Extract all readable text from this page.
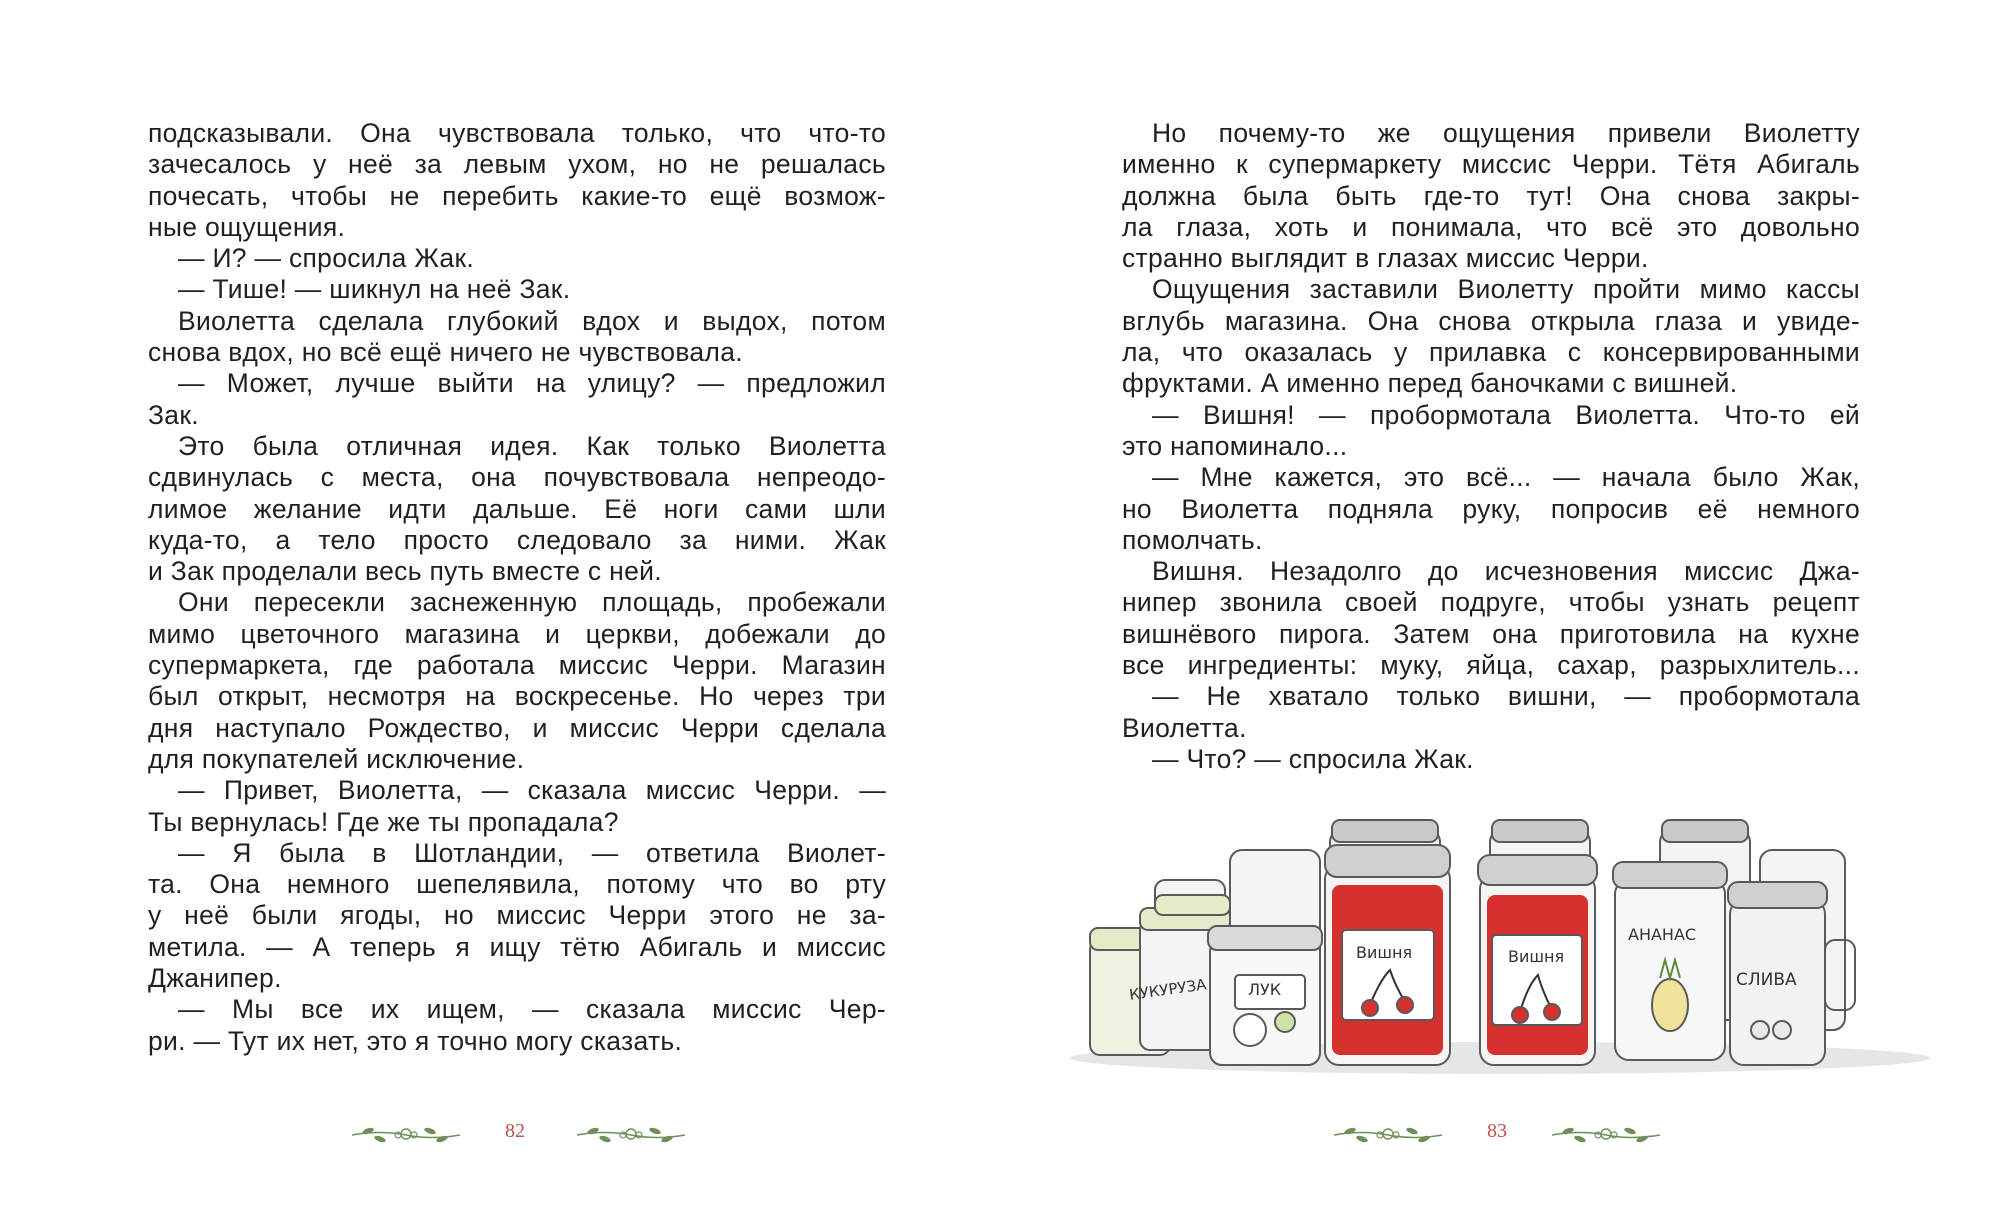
подсказывали. Она чувствовала только, что что-то
зачесалось у неё за левым ухом, но не решалась
почесать, чтобы не перебить какие-то ещё возмож-
ные ощущения.
— И? — спросила Жак.
— Тише! — шикнул на неё Зак.
Виолетта сделала глубокий вдох и выдох, потом
снова вдох, но всё ещё ничего не чувствовала.
— Может, лучше выйти на улицу? — предложил
Зак.
Это была отличная идея. Как только Виолетта
сдвинулась с места, она почувствовала непреодо-
лимое желание идти дальше. Её ноги сами шли
куда-то, а тело просто следовало за ними. Жак
и Зак проделали весь путь вместе с ней.
Они пересекли заснеженную площадь, пробежали
мимо цветочного магазина и церкви, добежали до
супермаркета, где работала миссис Черри. Магазин
был открыт, несмотря на воскресенье. Но через три
дня наступало Рождество, и миссис Черри сделала
для покупателей исключение.
— Привет, Виолетта, — сказала миссис Черри. —
Ты вернулась! Где же ты пропадала?
— Я была в Шотландии, — ответила Виолет-
та. Она немного шепелявила, потому что во рту
у неё были ягоды, но миссис Черри этого не за-
метила. — А теперь я ищу тётю Абигаль и миссис
Джанипер.
— Мы все их ищем, — сказала миссис Чер-
ри. — Тут их нет, это я точно могу сказать.
82
Но почему-то же ощущения привели Виолетту
именно к супермаркету миссис Черри. Тётя Абигаль
должна была быть где-то тут! Она снова закры-
ла глаза, хоть и понимала, что всё это довольно
странно выглядит в глазах миссис Черри.
Ощущения заставили Виолетту пройти мимо кассы
вглубь магазина. Она снова открыла глаза и увиде-
ла, что оказалась у прилавка с консервированными
фруктами. А именно перед баночками с вишней.
— Вишня! — пробормотала Виолетта. Что-то ей
это напоминало...
— Мне кажется, это всё... — начала было Жак,
но Виолетта подняла руку, попросив её немного
помолчать.
Вишня. Незадолго до исчезновения миссис Джа-
нипер звонила своей подруге, чтобы узнать рецепт
вишнёвого пирога. Затем она приготовила на кухне
все ингредиенты: муку, яйца, сахар, разрыхлитель...
— Не хватало только вишни, — пробормотала
Виолетта.
— Что? — спросила Жак.
КУКУРУЗА	ЛУК
Вишня	Вишня
АНАНАС
СЛИВА
83
